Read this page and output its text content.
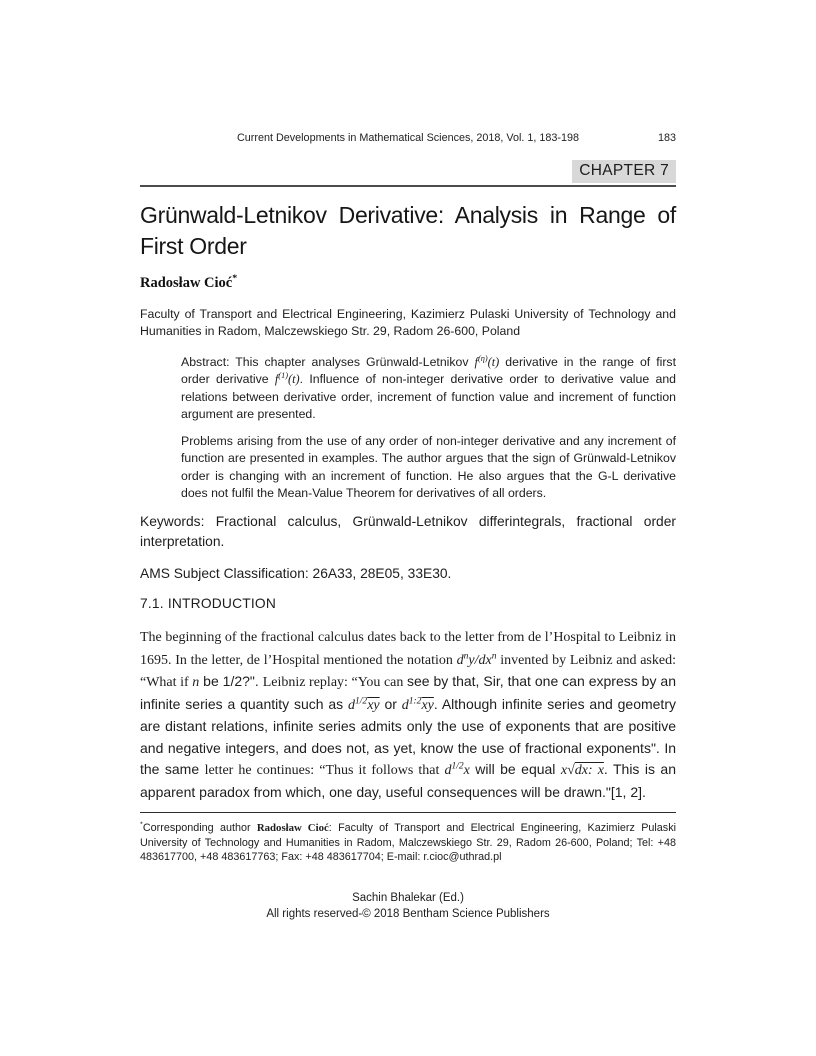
Current Developments in Mathematical Sciences, 2018, Vol. 1, 183-198	183
CHAPTER 7
Grünwald-Letnikov Derivative: Analysis in Range of First Order
Radosław Cioć*
Faculty of Transport and Electrical Engineering, Kazimierz Pulaski University of Technology and Humanities in Radom, Malczewskiego Str. 29, Radom 26-600, Poland

Abstract: This chapter analyses Grünwald-Letnikov $f^{(\eta)}(t)$ derivative in the range of first order derivative $f^{(1)}(t)$. Influence of non-integer derivative order to derivative value and relations between derivative order, increment of function value and increment of function argument are presented.

Problems arising from the use of any order of non-integer derivative and any increment of function are presented in examples. The author argues that the sign of Grünwald-Letnikov order is changing with an increment of function. He also argues that the G-L derivative does not fulfil the Mean-Value Theorem for derivatives of all orders.

Keywords: Fractional calculus, Grünwald-Letnikov differintegrals, fractional order interpretation.
AMS Subject Classification: 26A33, 28E05, 33E30.
7.1. INTRODUCTION
The beginning of the fractional calculus dates back to the letter from de l’Hospital to Leibniz in 1695. In the letter, de l’Hospital mentioned the notation $d^ny/dx^n$ invented by Leibniz and asked: “What if n be 1/2?". Leibniz replay: “You can see by that, Sir, that one can express by an infinite series a quantity such as $d^{1/2}\overline{xy}$ or $d^{1:2}\overline{xy}$. Although infinite series and geometry are distant relations, infinite series admits only the use of exponents that are positive and negative integers, and does not, as yet, know the use of fractional exponents". In the same letter he continues: “Thus it follows that $d^{1/2}x$ will be equal x√dx: x. This is an apparent paradox from which, one day, useful consequences will be drawn."[1, 2].
*Corresponding author Radosław Cioć: Faculty of Transport and Electrical Engineering, Kazimierz Pulaski University of Technology and Humanities in Radom, Malczewskiego Str. 29, Radom 26-600, Poland; Tel: +48 483617700, +48 483617763; Fax: +48 483617704; E-mail: r.cioc@uthrad.pl
Sachin Bhalekar (Ed.)
All rights reserved-© 2018 Bentham Science Publishers
